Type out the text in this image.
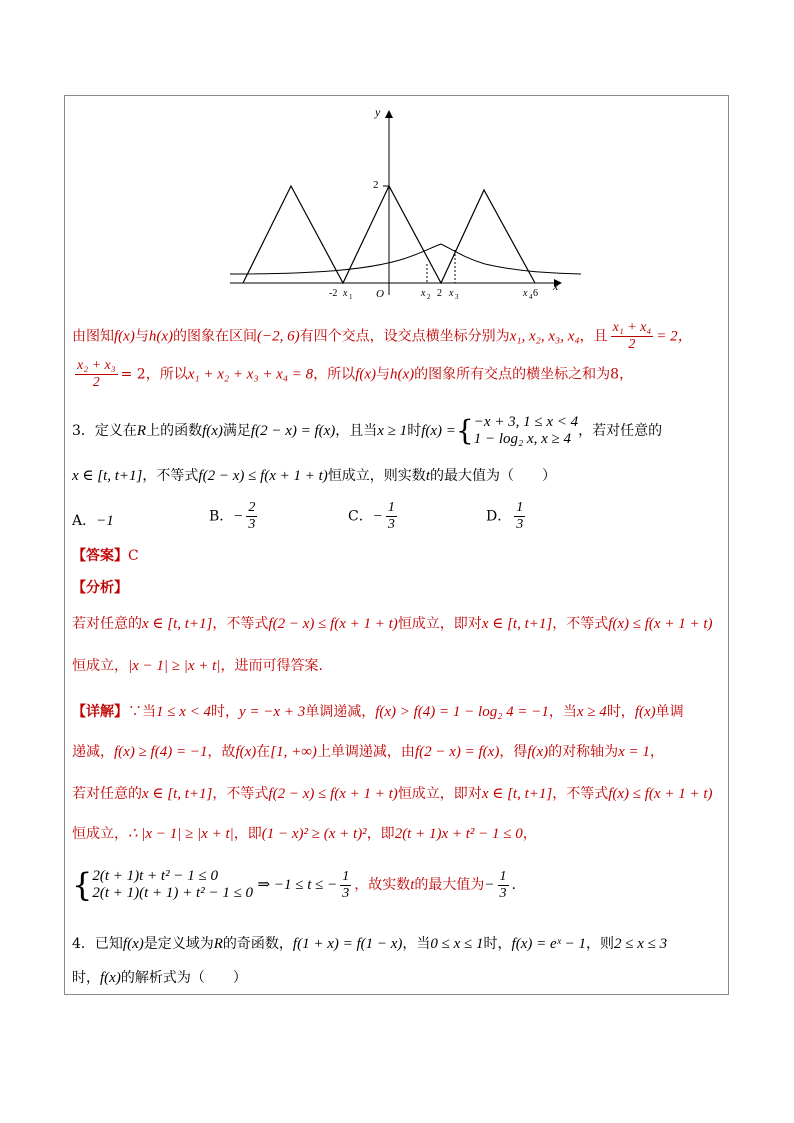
y
x
2
O
-2 x 1	x 2 2 x 3	x 4 6
由图知f(x)与h(x)的图象在区间(−2, 6)有四个交点，设交点横坐标分别为x₁, x₂, x₃, x₄，且 $\frac{\text{x₁ + x₄}}{2} = 2$，
$\frac{\text{x₂ + x₃}}{2} = 2$，所以x₁ + x₂ + x₃ + x₄ = 8，所以f(x)与h(x)的图象所有交点的横坐标之和为8，
3．定义在R上的函数f(x)满足f(2 − x) = f(x)，且当x ≥ 1时f(x) ={ −x + 3, 1 ≤ x < 4
1 − log₂ x, x ≥ 4 ，若对任意的
x ∈ [t, t+1]，不等式f(2 − x) ≤ f(x + 1 + t)恒成立，则实数t的最大值为（　　）
A．−1	B．− $\frac{2}{3}$	C．− $\frac{1}{3}$	D． $\frac{1}{3}$
【答案】C
【分析】
若对任意的x ∈ [t, t+1]，不等式f(2 − x) ≤ f(x + 1 + t)恒成立，即对x ∈ [t, t+1]，不等式f(x) ≤ f(x + 1 + t)
恒成立，|x − 1| ≥ |x + t|，进而可得答案.
【详解】∵当1 ≤ x < 4时，y = −x + 3单调递减，f(x) > f(4) = 1 − log₂ 4 = −1，当x ≥ 4时，f(x)单调
递减，f(x) ≥ f(4) = −1，故f(x)在[1, +∞)上单调递减，由f(2 − x) = f(x)，得f(x)的对称轴为x = 1，
若对任意的x ∈ [t, t+1]，不等式f(2 − x) ≤ f(x + 1 + t)恒成立，即对x ∈ [t, t+1]，不等式f(x) ≤ f(x + 1 + t)
恒成立，∴ |x − 1| ≥ |x + t|，即(1 − x)² ≥ (x + t)²，即2(t + 1)x + t² − 1 ≤ 0，
{ 2(t + 1)t + t² − 1 ≤ 0
2(t + 1)(t + 1) + t² − 1 ≤ 0 ⇒ −1 ≤ t ≤ − $\frac{1}{3}$ ，故实数t的最大值为− $\frac{1}{3}$ .
4．已知f(x)是定义域为R的奇函数，f(1 + x) = f(1 − x)，当0 ≤ x ≤ 1时，f(x) = eˣ − 1，则2 ≤ x ≤ 3
时，f(x)的解析式为（　　）
